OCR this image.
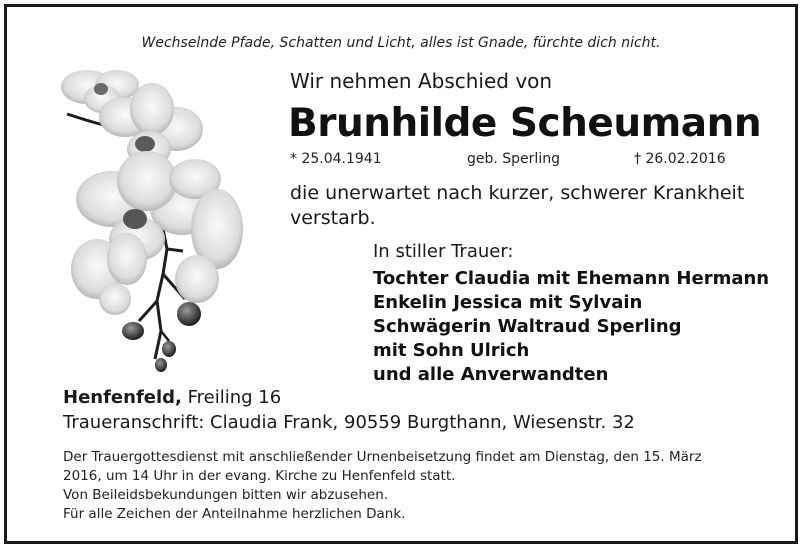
Wechselnde Pfade, Schatten und Licht, alles ist Gnade, fürchte dich nicht.
Wir nehmen Abschied von
Brunhilde Scheumann
* 25.04.1941	geb. Sperling	† 26.02.2016
die unerwartet nach kurzer, schwerer Krankheit verstarb.
In stiller Trauer:
Tochter Claudia mit Ehemann Hermann
Enkelin Jessica mit Sylvain
Schwägerin Waltraud Sperling
mit Sohn Ulrich
und alle Anverwandten
Henfenfeld, Freiling 16
Traueranschrift: Claudia Frank, 90559 Burgthann, Wiesenstr. 32

Der Trauergottesdienst mit anschließender Urnenbeisetzung findet am Dienstag, den 15. März

2016, um 14 Uhr in der evang. Kirche zu Henfenfeld statt.

Von Beileidsbekundungen bitten wir abzusehen.

Für alle Zeichen der Anteilnahme herzlichen Dank.
